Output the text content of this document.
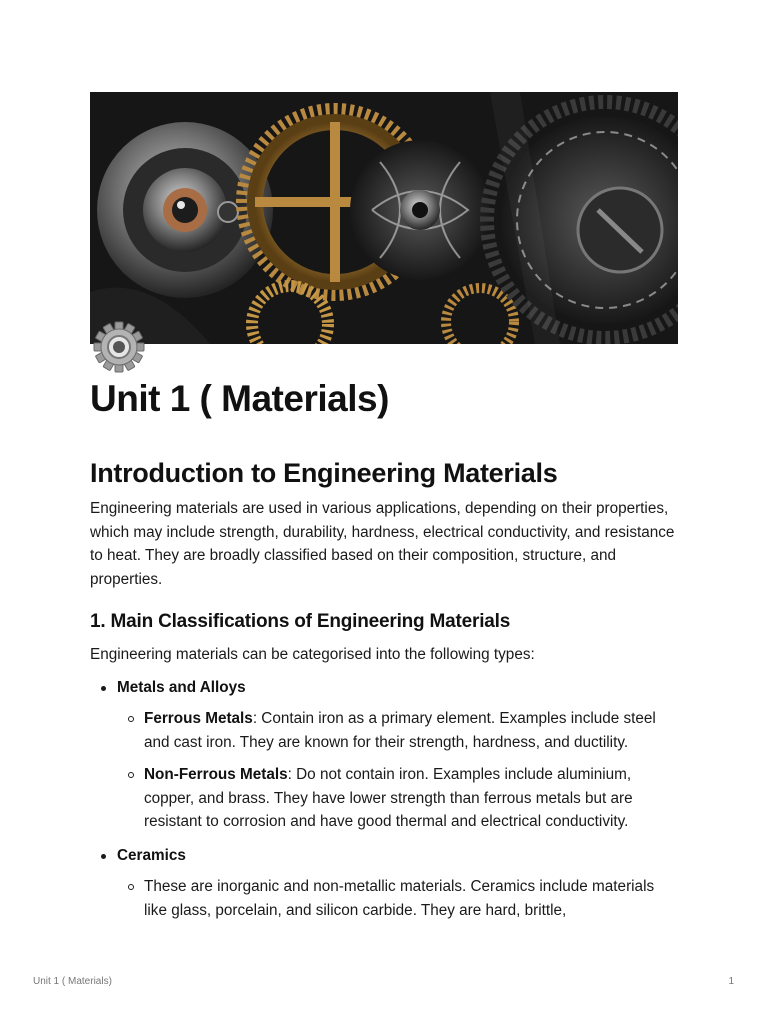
Unit 1 ( Materials)
Introduction to Engineering Materials

Engineering materials are used in various applications, depending on their properties, which may include strength, durability, hardness, electrical conductivity, and resistance to heat. They are broadly classified based on their composition, structure, and properties.

1. Main Classifications of Engineering Materials

Engineering materials can be categorised into the following types:

Metals and Alloys
Ferrous Metals: Contain iron as a primary element. Examples include steel and cast iron. They are known for their strength, hardness, and ductility.
Non-Ferrous Metals: Do not contain iron. Examples include aluminium, copper, and brass. They have lower strength than ferrous metals but are resistant to corrosion and have good thermal and electrical conductivity.
Ceramics
These are inorganic and non-metallic materials. Ceramics include materials like glass, porcelain, and silicon carbide. They are hard, brittle,
Unit 1 ( Materials)	1
